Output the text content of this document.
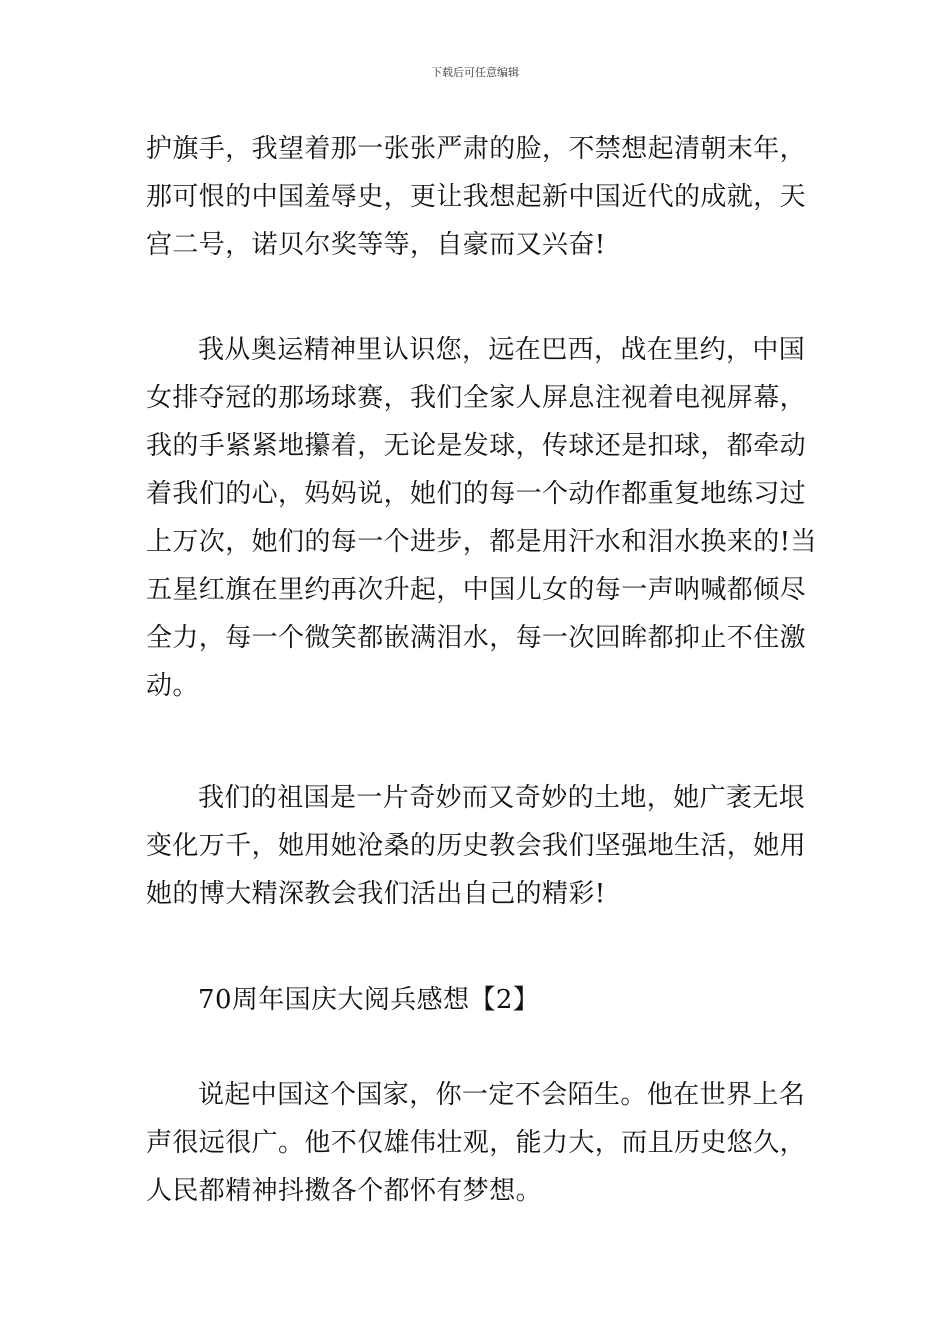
下载后可任意编辑

护旗手，我望着那一张张严肃的脸，不禁想起清朝末年，
那可恨的中国羞辱史，更让我想起新中国近代的成就，天
宫二号，诺贝尔奖等等，自豪而又兴奋!

我从奥运精神里认识您，远在巴西，战在里约，中国
女排夺冠的那场球赛，我们全家人屏息注视着电视屏幕，
我的手紧紧地攥着，无论是发球，传球还是扣球，都牵动
着我们的心，妈妈说，她们的每一个动作都重复地练习过
上万次，她们的每一个进步，都是用汗水和泪水换来的!当
五星红旗在里约再次升起，中国儿女的每一声呐喊都倾尽
全力，每一个微笑都嵌满泪水，每一次回眸都抑止不住激
动。

我们的祖国是一片奇妙而又奇妙的土地，她广袤无垠
变化万千，她用她沧桑的历史教会我们坚强地生活，她用
她的博大精深教会我们活出自己的精彩!

70周年国庆大阅兵感想【2】

说起中国这个国家，你一定不会陌生。他在世界上名
声很远很广。他不仅雄伟壮观，能力大，而且历史悠久，
人民都精神抖擞各个都怀有梦想。
